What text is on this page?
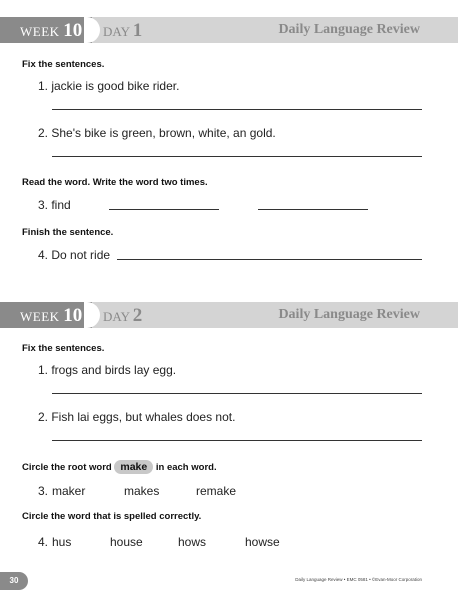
WEEK 10 DAY 1	Daily Language Review
Fix the sentences.
1. jackie is good bike rider.
2. She's bike is green, brown, white, an gold.
Read the word. Write the word two times.
3. find
Finish the sentence.
4. Do not ride
WEEK 10 DAY 2	Daily Language Review
Fix the sentences.
1. frogs and birds lay egg.
2. Fish lai eggs, but whales does not.
Circle the root word make in each word.
3. maker	makes	remake
Circle the word that is spelled correctly.
4. hus	house	hows	howse
30	Daily Language Review • EMC 0581 • ©Evan-Moor Corporation
